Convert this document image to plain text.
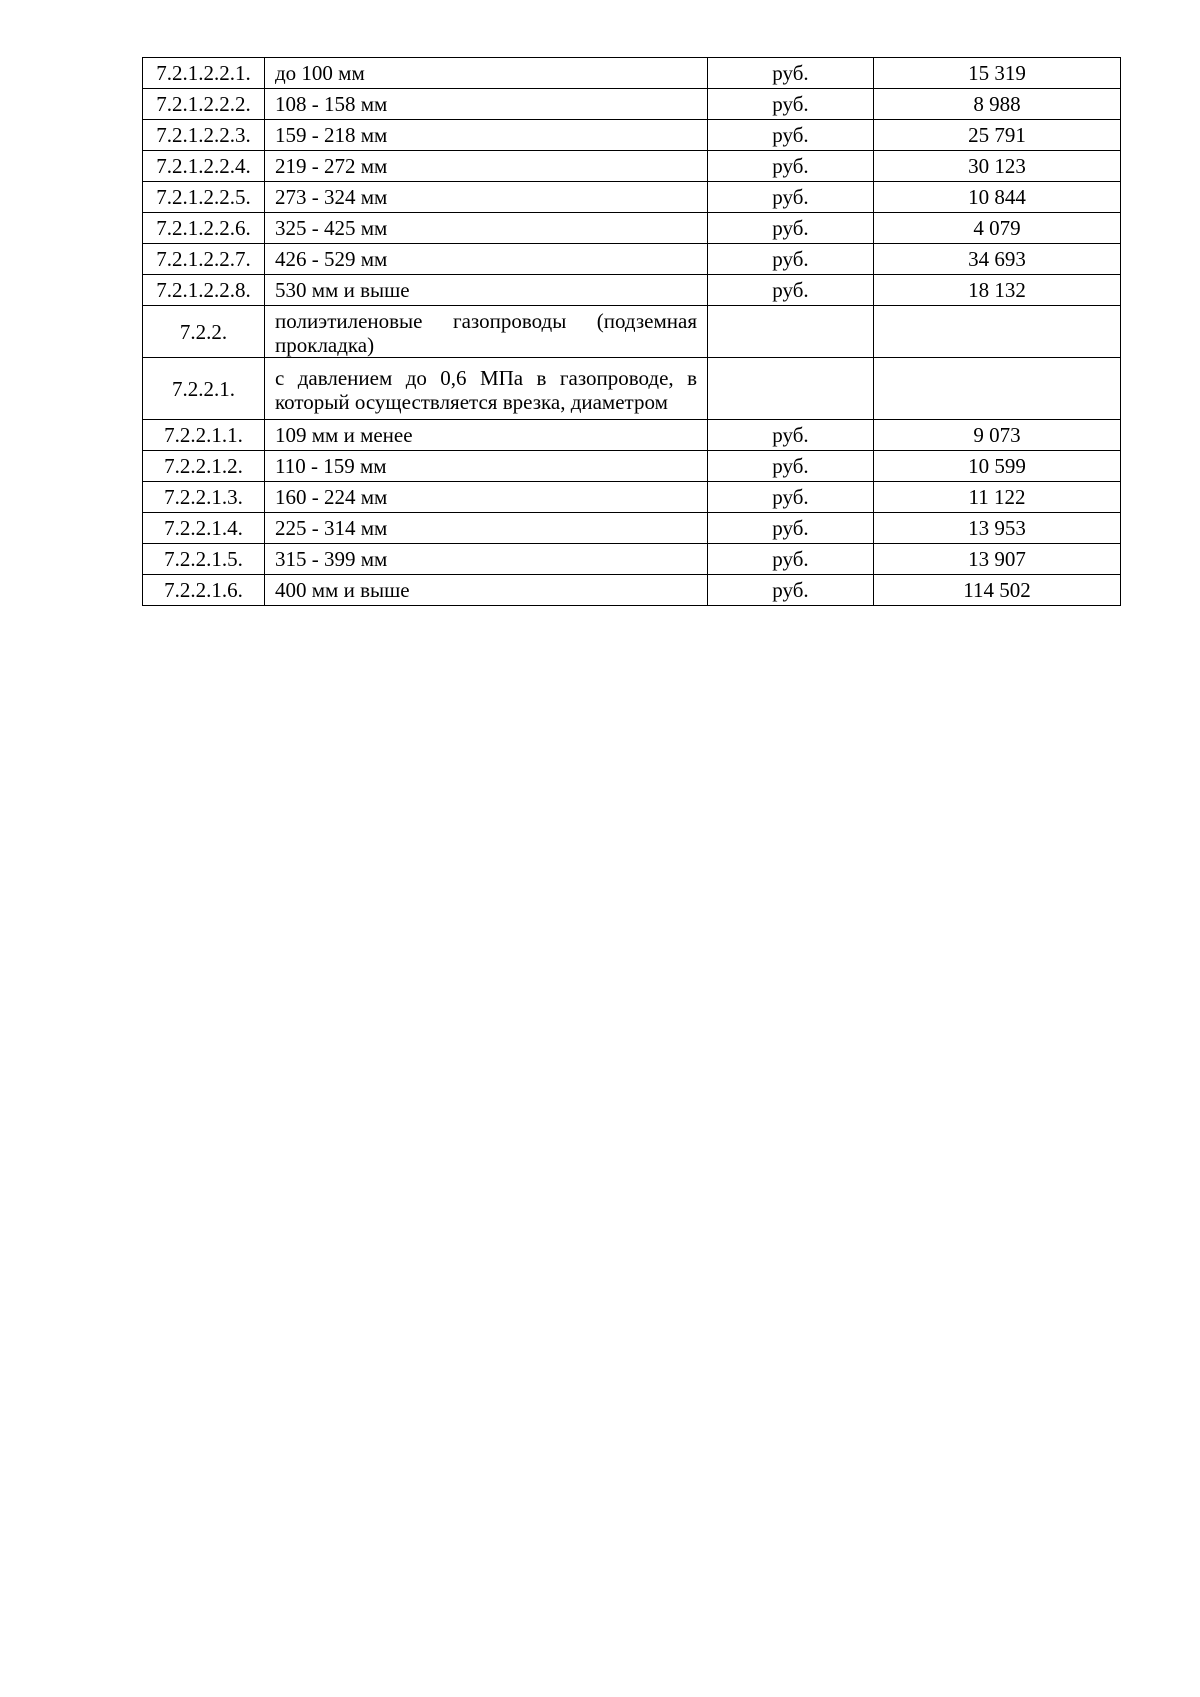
7.2.1.2.2.1.	до 100 мм	руб.	15 319
7.2.1.2.2.2.	108 - 158 мм	руб.	8 988
7.2.1.2.2.3.	159 - 218 мм	руб.	25 791
7.2.1.2.2.4.	219 - 272 мм	руб.	30 123
7.2.1.2.2.5.	273 - 324 мм	руб.	10 844
7.2.1.2.2.6.	325 - 425 мм	руб.	4 079
7.2.1.2.2.7.	426 - 529 мм	руб.	34 693
7.2.1.2.2.8.	530 мм и выше	руб.	18 132
7.2.2.	полиэтиленовые газопроводы (подземная прокладка)		
7.2.2.1.	с давлением до 0,6 МПа в газопроводе, в который осуществляется врезка, диаметром		
7.2.2.1.1.	109 мм и менее	руб.	9 073
7.2.2.1.2.	110 - 159 мм	руб.	10 599
7.2.2.1.3.	160 - 224 мм	руб.	11 122
7.2.2.1.4.	225 - 314 мм	руб.	13 953
7.2.2.1.5.	315 - 399 мм	руб.	13 907
7.2.2.1.6.	400 мм и выше	руб.	114 502
